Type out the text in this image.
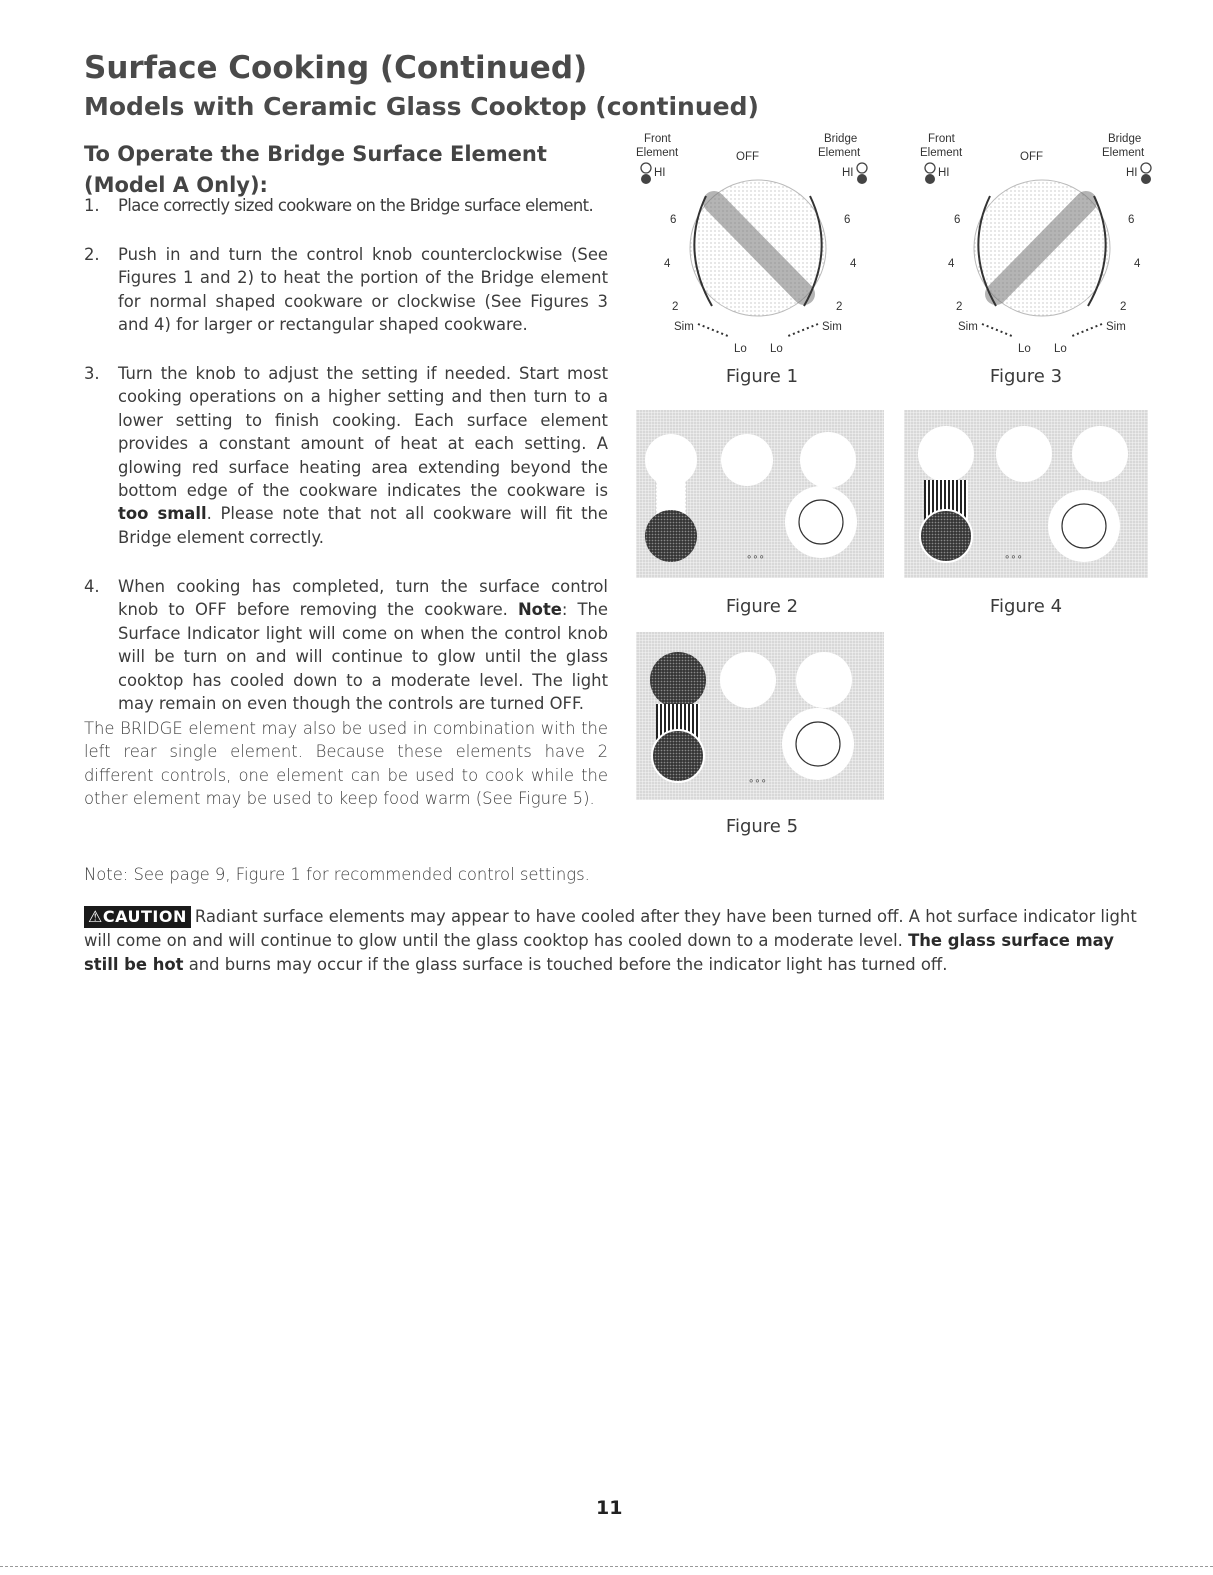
Surface Cooking (Continued)
Models with Ceramic Glass Cooktop (continued)
To Operate the Bridge Surface Element
(Model A Only):
1.	Place correctly sized cookware on the Bridge surface element.
2.	Push in and turn the control knob counterclockwise (See Figures 1 and 2) to heat the portion of the Bridge element for normal shaped cookware or clockwise (See Figures 3 and 4) for larger or rectangular shaped cookware.
3.	Turn the knob to adjust the setting if needed. Start most cooking operations on a higher setting and then turn to a lower setting to finish cooking. Each surface element provides a constant amount of heat at each setting. A glowing red surface heating area extending beyond the bottom edge of the cookware indicates the cookware is too small. Please note that not all cookware will fit the Bridge element correctly.
4.	When cooking has completed, turn the surface control knob to OFF before removing the cookware. Note: The Surface Indicator light will come on when the control knob will be turn on and will continue to glow until the glass cooktop has cooled down to a moderate level. The light may remain on even though the controls are turned OFF.
The BRIDGE element may also be used in combination with the left rear single element. Because these elements have 2 different controls, one element can be used to cook while the other element may be used to keep food warm (See Figure 5).
Note: See page 9, Figure 1 for recommended control settings.
⚠CAUTION Radiant surface elements may appear to have cooled after they have been turned off. A hot surface indicator light will come on and will continue to glow until the glass cooktop has cooled down to a moderate level. The glass surface may still be hot and burns may occur if the glass surface is touched before the indicator light has turned off.
Front
Element	OFF
Bridge
Element
HI	HI
6	6
4	4
2	2
Sim	Sim
Lo Lo
Front
Element	OFF
Bridge
Element
HI	HI
6	6
4	4
2	2
Sim	Sim
Lo Lo
Figure 1	Figure 3
∘∘∘	∘∘∘
Figure 2	Figure 4
∘∘∘
Figure 5
11
